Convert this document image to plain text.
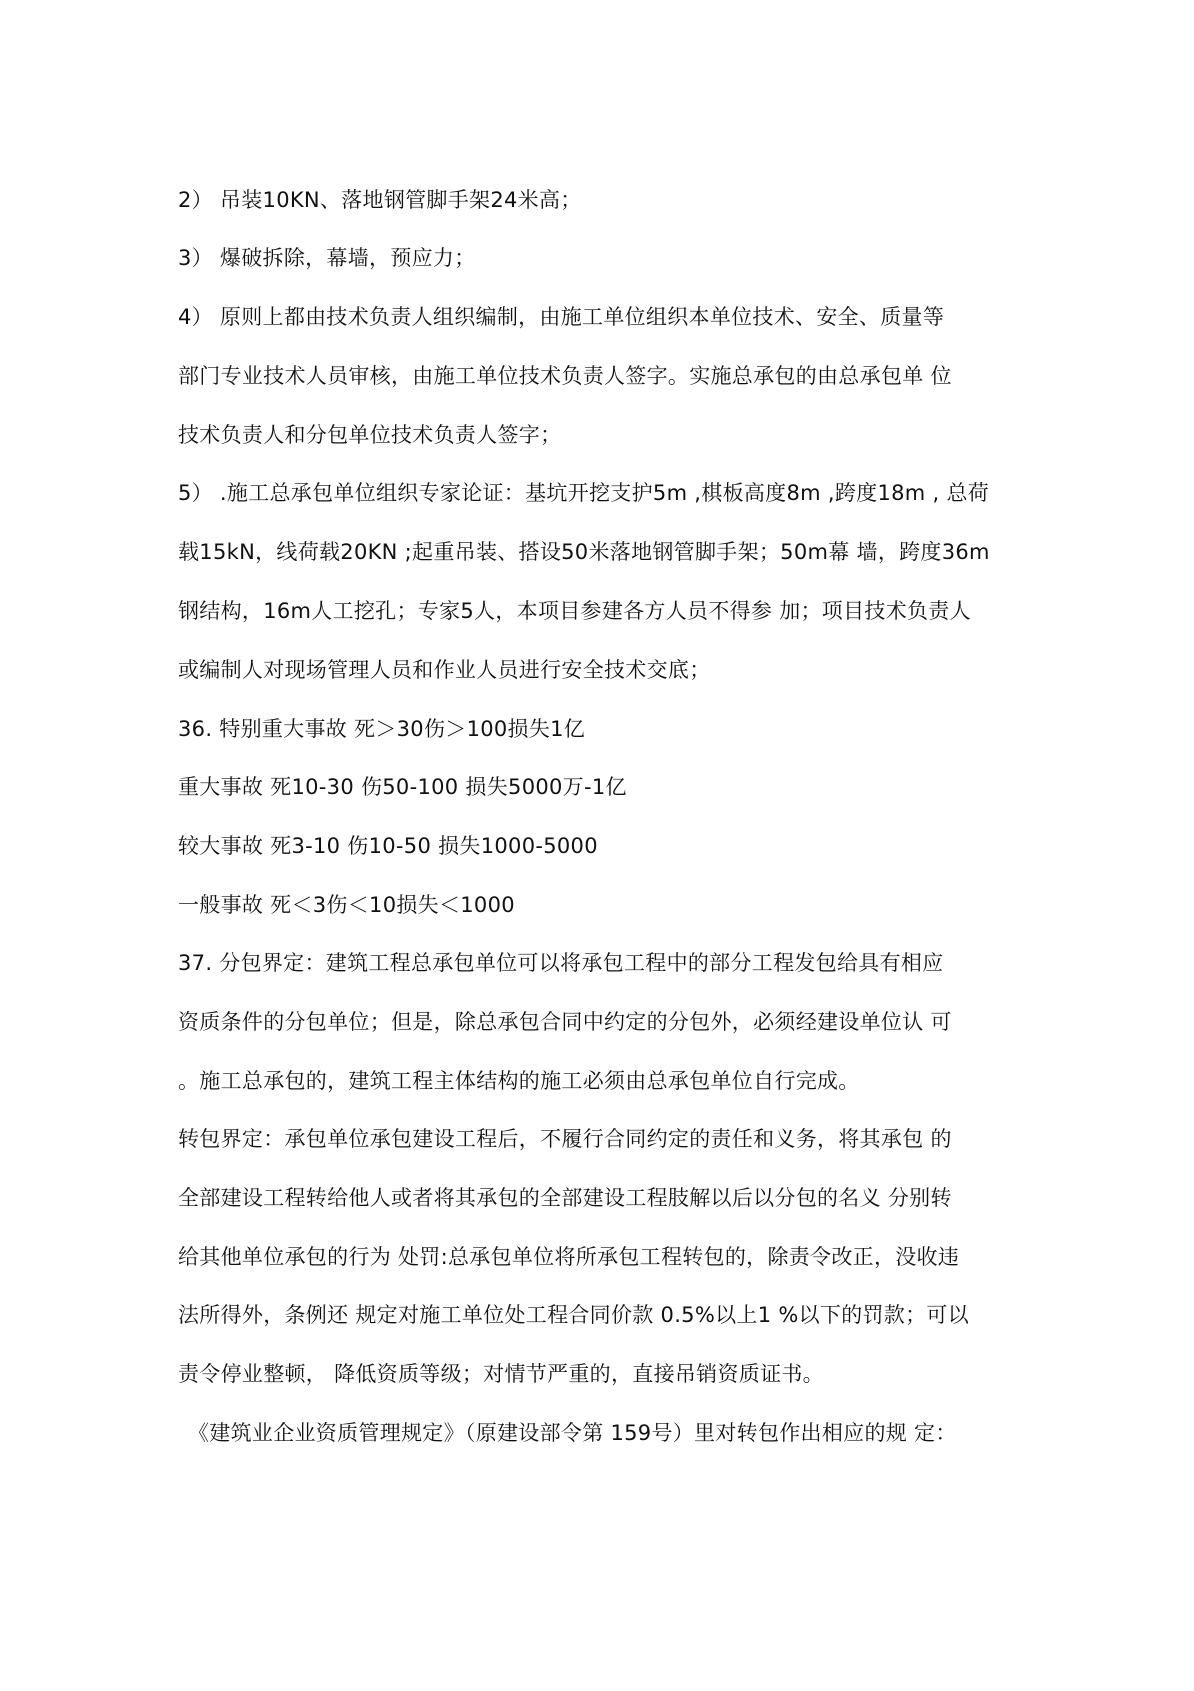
2） 吊装10KN、落地钢管脚手架24米高；
3） 爆破拆除，幕墙，预应力；
4） 原则上都由技术负责人组织编制，由施工单位组织本单位技术、安全、质量等
部门专业技术人员审核，由施工单位技术负责人签字。实施总承包的由总承包单 位
技术负责人和分包单位技术负责人签字；
5） .施工总承包单位组织专家论证：基坑开挖支护5m ,棋板高度8m ,跨度18m , 总荷
载15kN，线荷载20KN ;起重吊装、搭设50米落地钢管脚手架；50m幕 墙，跨度36m
钢结构，16m人工挖孔；专家5人，本项目参建各方人员不得参 加；项目技术负责人
或编制人对现场管理人员和作业人员进行安全技术交底；
36. 特别重大事故 死＞30伤＞100损失1亿
重大事故 死10-30 伤50-100 损失5000万-1亿
较大事故 死3-10 伤10-50 损失1000-5000
一般事故 死＜3伤＜10损失＜1000
37. 分包界定：建筑工程总承包单位可以将承包工程中的部分工程发包给具有相应
资质条件的分包单位；但是，除总承包合同中约定的分包外，必须经建设单位认 可
。施工总承包的，建筑工程主体结构的施工必须由总承包单位自行完成。
转包界定：承包单位承包建设工程后，不履行合同约定的责任和义务，将其承包 的
全部建设工程转给他人或者将其承包的全部建设工程肢解以后以分包的名义 分别转
给其他单位承包的行为 处罚:总承包单位将所承包工程转包的，除责令改正，没收违
法所得外，条例还 规定对施工单位处工程合同价款 0.5%以上1 %以下的罚款；可以
责令停业整顿， 降低资质等级；对情节严重的，直接吊销资质证书。
《建筑业企业资质管理规定》（原建设部令第 159号）里对转包作出相应的规 定：
